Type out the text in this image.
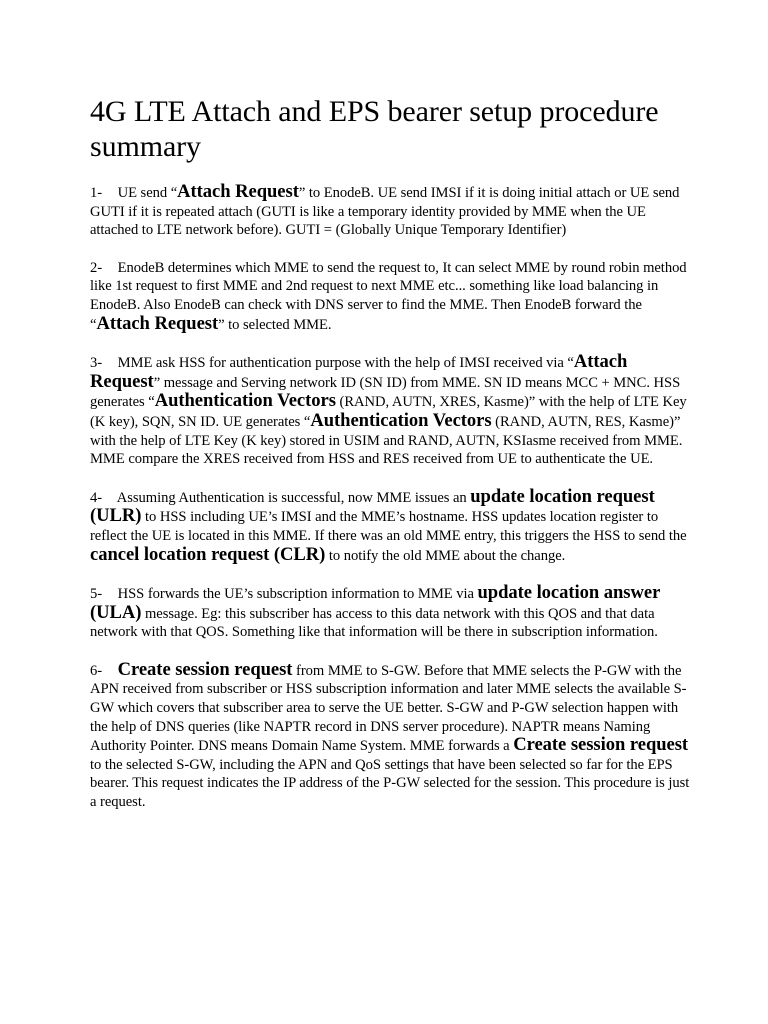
4G LTE Attach and EPS bearer setup procedure summary

1- UE send “Attach Request” to EnodeB. UE send IMSI if it is doing initial attach or UE send GUTI if it is repeated attach (GUTI is like a temporary identity provided by MME when the UE attached to LTE network before). GUTI = (Globally Unique Temporary Identifier)

2- EnodeB determines which MME to send the request to, It can select MME by round robin method like 1st request to first MME and 2nd request to next MME etc... something like load balancing in EnodeB. Also EnodeB can check with DNS server to find the MME. Then EnodeB forward the “Attach Request” to selected MME.

3- MME ask HSS for authentication purpose with the help of IMSI received via “Attach Request” message and Serving network ID (SN ID) from MME. SN ID means MCC + MNC. HSS generates “Authentication Vectors (RAND, AUTN, XRES, Kasme)” with the help of LTE Key (K key), SQN, SN ID. UE generates “Authentication Vectors (RAND, AUTN, RES, Kasme)” with the help of LTE Key (K key) stored in USIM and RAND, AUTN, KSIasme received from MME. MME compare the XRES received from HSS and RES received from UE to authenticate the UE.

4- Assuming Authentication is successful, now MME issues an update location request (ULR) to HSS including UE’s IMSI and the MME’s hostname. HSS updates location register to reflect the UE is located in this MME. If there was an old MME entry, this triggers the HSS to send the cancel location request (CLR) to notify the old MME about the change.

5- HSS forwards the UE’s subscription information to MME via update location answer (ULA) message. Eg: this subscriber has access to this data network with this QOS and that data network with that QOS. Something like that information will be there in subscription information.

6- Create session request from MME to S-GW. Before that MME selects the P-GW with the APN received from subscriber or HSS subscription information and later MME selects the available S-GW which covers that subscriber area to serve the UE better. S-GW and P-GW selection happen with the help of DNS queries (like NAPTR record in DNS server procedure). NAPTR means Naming Authority Pointer. DNS means Domain Name System. MME forwards a Create session request to the selected S-GW, including the APN and QoS settings that have been selected so far for the EPS bearer. This request indicates the IP address of the P-GW selected for the session. This procedure is just a request.
